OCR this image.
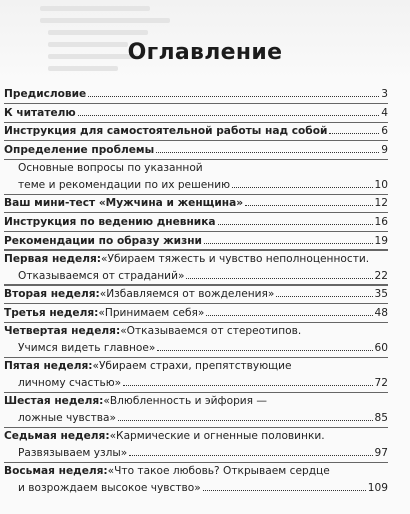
Оглавление
Предисловие	3
К читателю	4
Инструкция для самостоятельной работы над собой	6
Определение проблемы	9
Основные вопросы по указанной
теме и рекомендации по их решению	10
Ваш мини-тест «Мужчина и женщина»	12
Инструкция по ведению дневника	16
Рекомендации по образу жизни	19
Первая неделя: «Убираем тяжесть и чувство неполноценности.
Отказываемся от страданий»	22
Вторая неделя: «Избавляемся от вожделения»	35
Третья неделя: «Принимаем себя»	48
Четвертая неделя: «Отказываемся от стереотипов.
Учимся видеть главное»	60
Пятая неделя: «Убираем страхи, препятствующие
личному счастью»	72
Шестая неделя: «Влюбленность и эйфория —
ложные чувства»	85
Седьмая неделя: «Кармические и огненные половинки.
Развязываем узлы»	97
Восьмая неделя: «Что такое любовь? Открываем сердце
и возрождаем высокое чувство»	109
